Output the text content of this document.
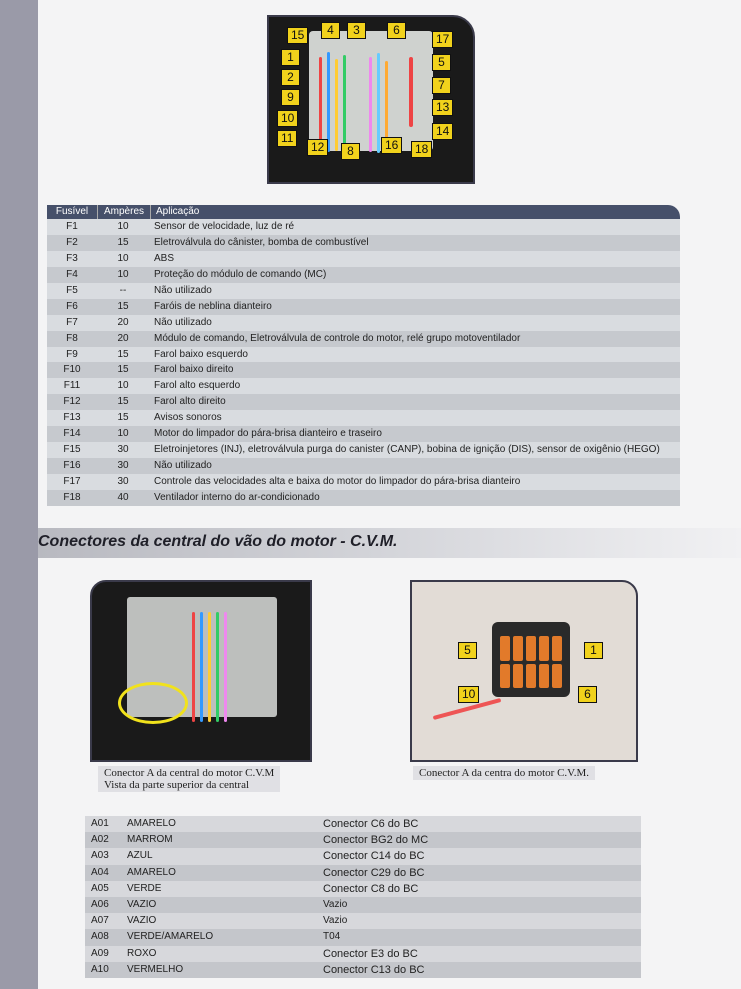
15	4	3	6
17
1
2
5
7
9
10
13
11	14
12	8	16	18
Fusível	Ampères	Aplicação
F1	10	Sensor de velocidade, luz de ré
F2	15	Eletroválvula do cânister, bomba de combustível
F3	10	ABS
F4	10	Proteção do módulo de comando (MC)
F5	--	Não utilizado
F6	15	Faróis de neblina dianteiro
F7	20	Não utilizado
F8	20	Módulo de comando, Eletroválvula de controle do motor, relé grupo motoventilador
F9	15	Farol baixo esquerdo
F10	15	Farol baixo direito
F11	10	Farol alto esquerdo
F12	15	Farol alto direito
F13	15	Avisos sonoros
F14	10	Motor do limpador do pára-brisa dianteiro e traseiro
F15	30	Eletroinjetores (INJ), eletroválvula purga do canister (CANP), bobina de ignição (DIS), sensor de oxigênio (HEGO)
F16	30	Não utilizado
F17	30	Controle das velocidades alta e baixa do motor do limpador do pára-brisa dianteiro
F18	40	Ventilador interno do ar-condicionado
Conectores da central do vão do motor - C.V.M.
Conector A da central do motor C.V.M
Vista da parte superior da central
5	1
10	6
Conector A da centra do motor C.V.M.
A01	AMARELO	Conector C6 do BC
A02	MARROM	Conector BG2 do MC
A03	AZUL	Conector C14 do BC
A04	AMARELO	Conector C29 do BC
A05	VERDE	Conector C8 do BC
A06	VAZIO	Vazio
A07	VAZIO	Vazio
A08	VERDE/AMARELO	T04
A09	ROXO	Conector E3 do BC
A10	VERMELHO	Conector C13 do BC
